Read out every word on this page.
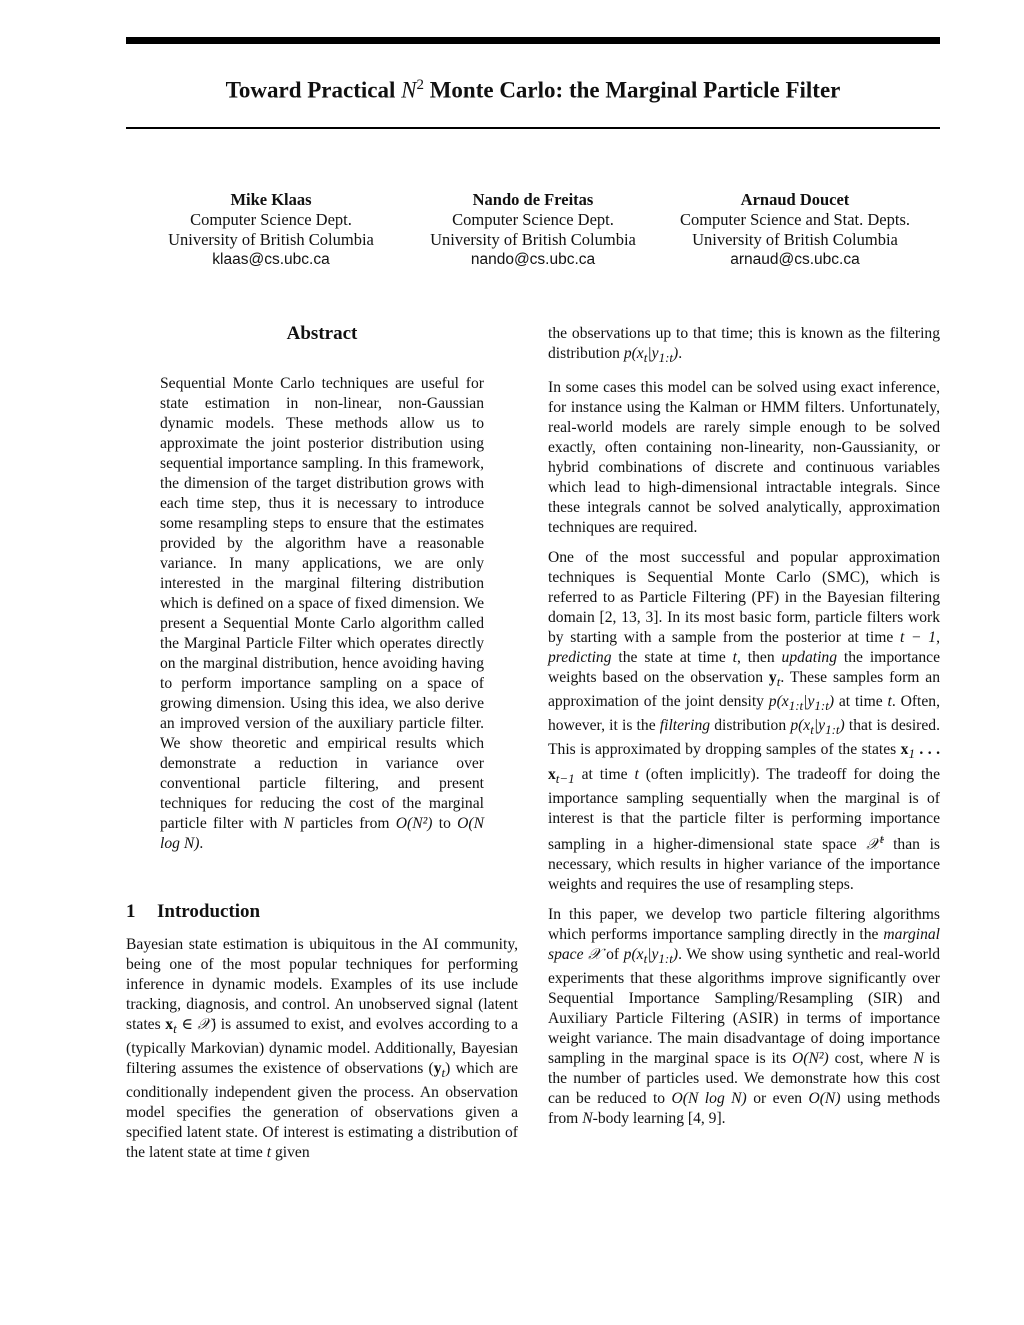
Toward Practical $N^2$ Monte Carlo: the Marginal Particle Filter
Mike Klaas
Computer Science Dept.
University of British Columbia
klaas@cs.ubc.ca
Nando de Freitas
Computer Science Dept.
University of British Columbia
nando@cs.ubc.ca
Arnaud Doucet
Computer Science and Stat. Depts.
University of British Columbia
arnaud@cs.ubc.ca
Abstract

Sequential Monte Carlo techniques are useful for state estimation in non-linear, non-Gaussian dynamic models. These methods allow us to approximate the joint posterior distribution using sequential importance sampling. In this framework, the dimension of the target distribution grows with each time step, thus it is necessary to introduce some resampling steps to ensure that the estimates provided by the algorithm have a reasonable variance. In many applications, we are only interested in the marginal filtering distribution which is defined on a space of fixed dimension. We present a Sequential Monte Carlo algorithm called the Marginal Particle Filter which operates directly on the marginal distribution, hence avoiding having to perform importance sampling on a space of growing dimension. Using this idea, we also derive an improved version of the auxiliary particle filter. We show theoretic and empirical results which demonstrate a reduction in variance over conventional particle filtering, and present techniques for reducing the cost of the marginal particle filter with N particles from O(N²) to O(N log N).

1 Introduction

Bayesian state estimation is ubiquitous in the AI community, being one of the most popular techniques for performing inference in dynamic models. Examples of its use include tracking, diagnosis, and control. An unobserved signal (latent states $x_t$ ∈ 𝒳) is assumed to exist, and evolves according to a (typically Markovian) dynamic model. Additionally, Bayesian filtering assumes the existence of observations $(y_t)$ which are conditionally independent given the process. An observation model specifies the generation of observations given a specified latent state. Of interest is estimating a distribution of the latent state at time t given

the observations up to that time; this is known as the filtering distribution $p(x_t|y_{1:t})$.

In some cases this model can be solved using exact inference, for instance using the Kalman or HMM filters. Unfortunately, real-world models are rarely simple enough to be solved exactly, often containing non-linearity, non-Gaussianity, or hybrid combinations of discrete and continuous variables which lead to high-dimensional intractable integrals. Since these integrals cannot be solved analytically, approximation techniques are required.

One of the most successful and popular approximation techniques is Sequential Monte Carlo (SMC), which is referred to as Particle Filtering (PF) in the Bayesian filtering domain [2, 13, 3]. In its most basic form, particle filters work by starting with a sample from the posterior at time t − 1, predicting the state at time t, then updating the importance weights based on the observation $y_t$. These samples form an approximation of the joint density $p(x_{1:t}|y_{1:t})$ at time t. Often, however, it is the filtering distribution $p(x_t|y_{1:t})$ that is desired. This is approximated by dropping samples of the states $x_1$ . . . $x_{t-1}$ at time t (often implicitly). The tradeoff for doing the importance sampling sequentially when the marginal is of interest is that the particle filter is performing importance sampling in a higher-dimensional state space 𝒳$^t$ than is necessary, which results in higher variance of the importance weights and requires the use of resampling steps.

In this paper, we develop two particle filtering algorithms which performs importance sampling directly in the marginal space 𝒳 of $p(x_t|y_{1:t})$. We show using synthetic and real-world experiments that these algorithms improve significantly over Sequential Importance Sampling/Resampling (SIR) and Auxiliary Particle Filtering (ASIR) in terms of importance weight variance. The main disadvantage of doing importance sampling in the marginal space is its O(N²) cost, where N is the number of particles used. We demonstrate how this cost can be reduced to O(N log N) or even O(N) using methods from N-body learning [4, 9].
